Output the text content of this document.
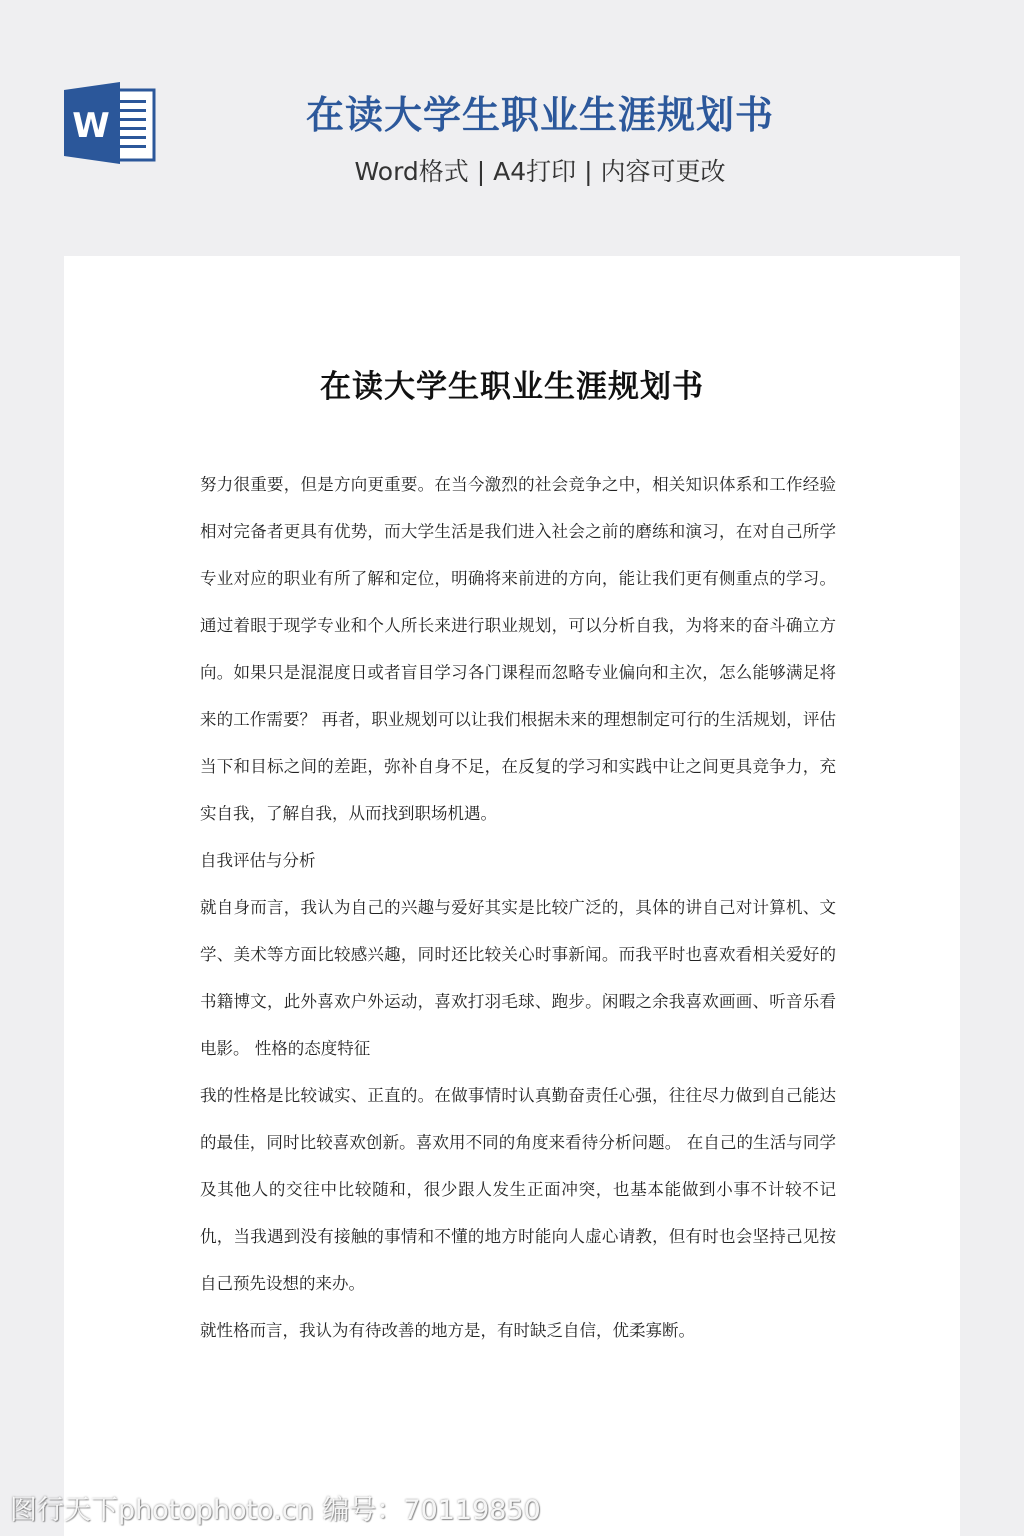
W	在读大学生职业生涯规划书
Word格式 | A4打印 | 内容可更改
在读大学生职业生涯规划书

努力很重要，但是方向更重要。在当今激烈的社会竞争之中，相关知识体系和工作经验相对完备者更具有优势，而大学生活是我们进入社会之前的磨练和演习，在对自己所学专业对应的职业有所了解和定位，明确将来前进的方向，能让我们更有侧重点的学习。通过着眼于现学专业和个人所长来进行职业规划，可以分析自我，为将来的奋斗确立方向。如果只是混混度日或者盲目学习各门课程而忽略专业偏向和主次，怎么能够满足将来的工作需要？ 再者，职业规划可以让我们根据未来的理想制定可行的生活规划，评估当下和目标之间的差距，弥补自身不足，在反复的学习和实践中让之间更具竞争力，充实自我，了解自我，从而找到职场机遇。

自我评估与分析

就自身而言，我认为自己的兴趣与爱好其实是比较广泛的，具体的讲自己对计算机、文学、美术等方面比较感兴趣，同时还比较关心时事新闻。而我平时也喜欢看相关爱好的书籍博文，此外喜欢户外运动，喜欢打羽毛球、跑步。闲暇之余我喜欢画画、听音乐看电影。 性格的态度特征

我的性格是比较诚实、正直的。在做事情时认真勤奋责任心强，往往尽力做到自己能达的最佳，同时比较喜欢创新。喜欢用不同的角度来看待分析问题。 在自己的生活与同学及其他人的交往中比较随和，很少跟人发生正面冲突，也基本能做到小事不计较不记仇，当我遇到没有接触的事情和不懂的地方时能向人虚心请教，但有时也会坚持己见按自己预先设想的来办。

就性格而言，我认为有待改善的地方是，有时缺乏自信，优柔寡断。

图行天下photophoto.cn 编号：70119850
